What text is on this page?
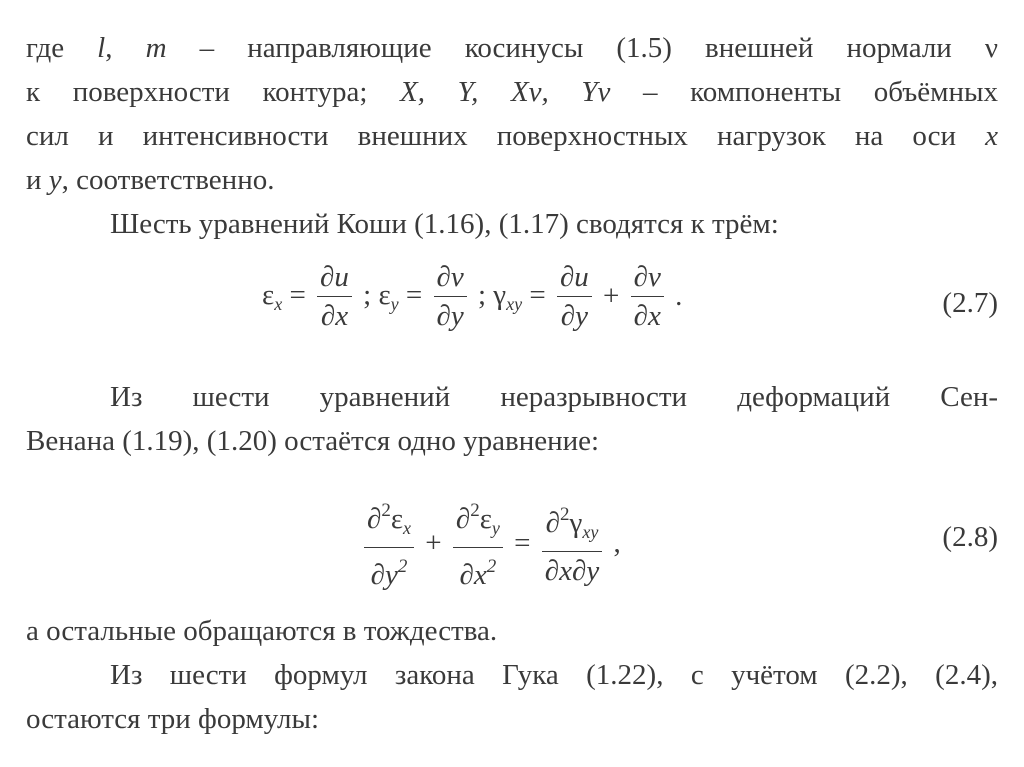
где l, m – направляющие косинусы (1.5) внешней нормали ν
к поверхности контура; X, Y, Xν, Yν – компоненты объёмных
сил и интенсивности внешних поверхностных нагрузок на оси x
и y, соответственно.
Шесть уравнений Коши (1.16), (1.17) сводятся к трём:
$\varepsilon_x = \frac{\partial u}{\partial x}$ ; $\varepsilon_y = \frac{\partial v}{\partial y}$ ; $\gamma_{xy} = \frac{\partial u}{\partial y} + \frac{\partial v}{\partial x}$ .	(2.7)
Из шести уравнений неразрывности деформаций Сен-
Венана (1.19), (1.20) остаётся одно уравнение:
$\frac{\partial^2\varepsilon_x}{\partial y^2} + \frac{\partial^2\varepsilon_y}{\partial x^2} = \frac{\partial^2\gamma_{xy}}{\partial x\partial y}$ ,	(2.8)
а остальные обращаются в тождества.
Из шести формул закона Гука (1.22), с учётом (2.2), (2.4),
остаются три формулы:
